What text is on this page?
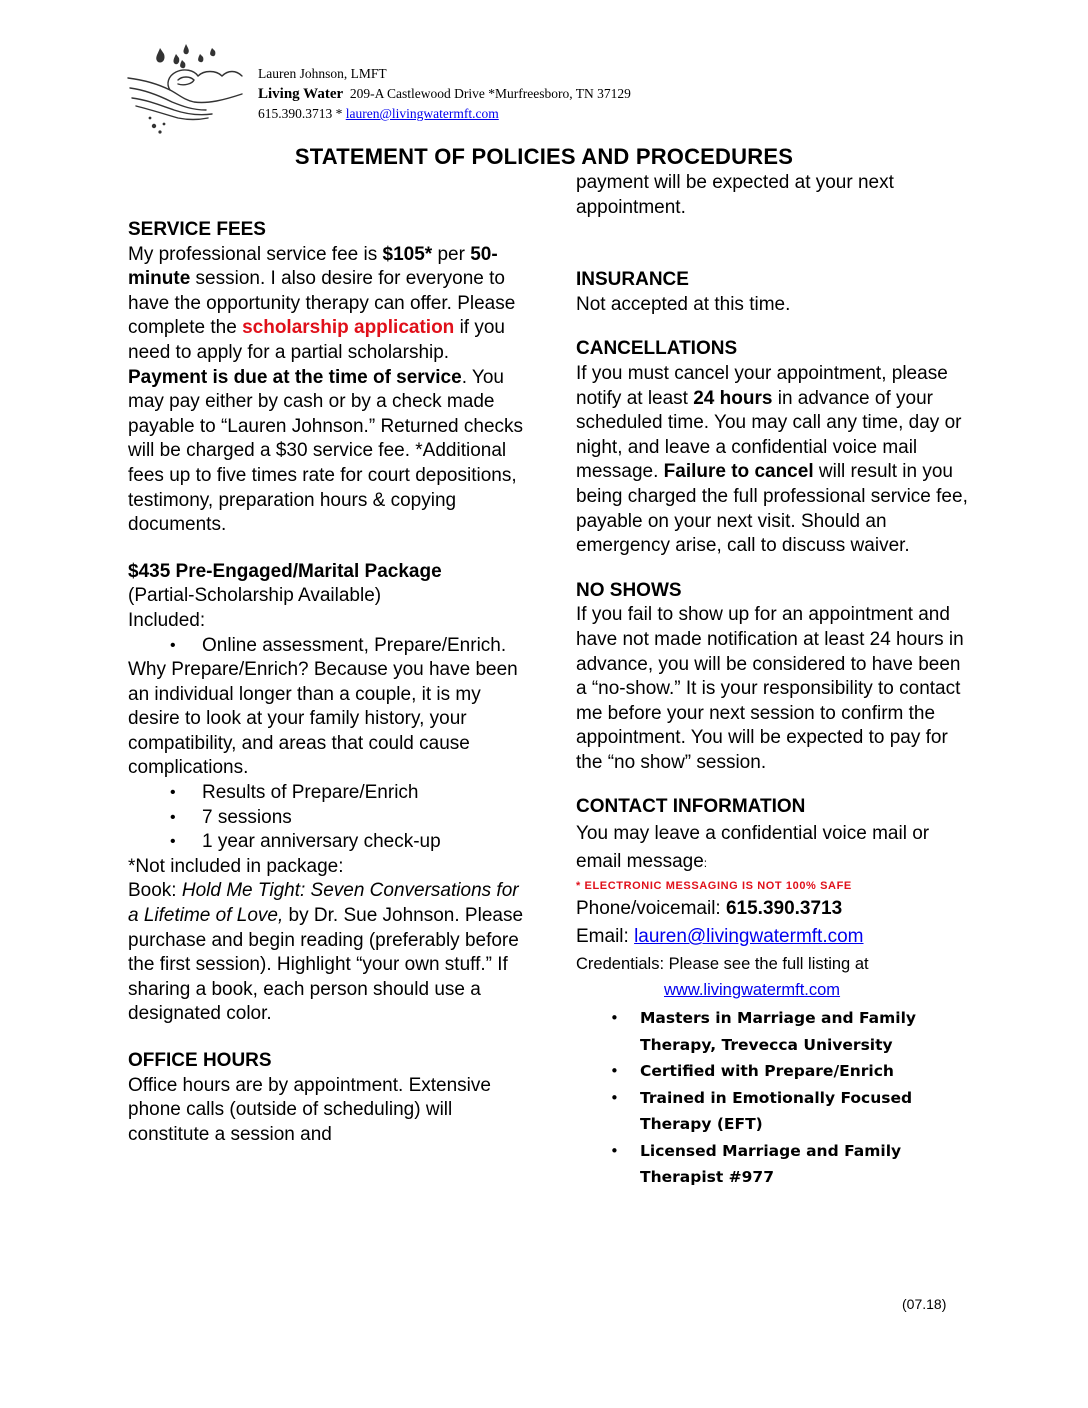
Lauren Johnson, LMFT
Living Water 209-A Castlewood Drive *Murfreesboro, TN 37129
615.390.3713 * lauren@livingwatermft.com
STATEMENT OF POLICIES AND PROCEDURES
SERVICE FEES

My professional service fee is $105* per 50-minute session. I also desire for everyone to have the opportunity therapy can offer. Please complete the scholarship application if you need to apply for a partial scholarship. Payment is due at the time of service. You may pay either by cash or by a check made payable to “Lauren Johnson.” Returned checks will be charged a $30 service fee. *Additional fees up to five times rate for court depositions, testimony, preparation hours & copying documents.

$435 Pre-Engaged/Marital Package

(Partial-Scholarship Available)

Included:

• Online assessment, Prepare/Enrich.

Why Prepare/Enrich? Because you have been an individual longer than a couple, it is my desire to look at your family history, your compatibility, and areas that could cause complications.

• Results of Prepare/Enrich
• 7 sessions
• 1 year anniversary check-up

*Not included in package:

Book: Hold Me Tight: Seven Conversations for a Lifetime of Love, by Dr. Sue Johnson. Please purchase and begin reading (preferably before the first session). Highlight “your own stuff.” If sharing a book, each person should use a designated color.

OFFICE HOURS

Office hours are by appointment. Extensive phone calls (outside of scheduling) will constitute a session and

payment will be expected at your next appointment.

INSURANCE

Not accepted at this time.

CANCELLATIONS

If you must cancel your appointment, please notify at least 24 hours in advance of your scheduled time. You may call any time, day or night, and leave a confidential voice mail message. Failure to cancel will result in you being charged the full professional service fee, payable on your next visit. Should an emergency arise, call to discuss waiver.

NO SHOWS

If you fail to show up for an appointment and have not made notification at least 24 hours in advance, you will be considered to have been a “no-show.” It is your responsibility to contact me before your next session to confirm the appointment. You will be expected to pay for the “no show” session.

CONTACT INFORMATION

You may leave a confidential voice mail or email message:

* ELECTRONIC MESSAGING IS NOT 100% SAFE

Phone/voicemail: 615.390.3713

Email: lauren@livingwatermft.com

Credentials: Please see the full listing at
www.livingwatermft.com
• Masters in Marriage and Family Therapy, Trevecca University
• Certified with Prepare/Enrich
• Trained in Emotionally Focused Therapy (EFT)
• Licensed Marriage and Family Therapist #977
(07.18)
